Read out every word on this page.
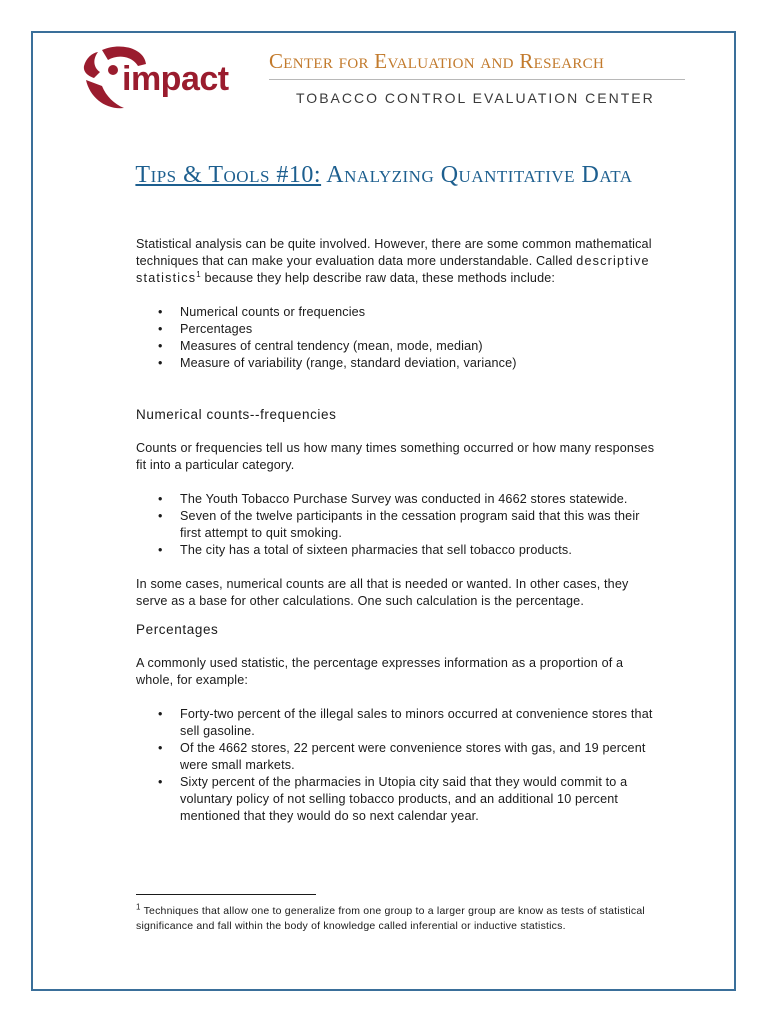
impact Center for Evaluation and Research
TOBACCO CONTROL EVALUATION CENTER
Tips & Tools #10: Analyzing Quantitative Data

Statistical analysis can be quite involved. However, there are some common mathematical techniques that can make your evaluation data more understandable. Called descriptive statistics$^1$ because they help describe raw data, these methods include:

• Numerical counts or frequencies
• Percentages
• Measures of central tendency (mean, mode, median)
• Measure of variability (range, standard deviation, variance)

Numerical counts--frequencies

Counts or frequencies tell us how many times something occurred or how many responses fit into a particular category.

• The Youth Tobacco Purchase Survey was conducted in 4662 stores statewide.
• Seven of the twelve participants in the cessation program said that this was their first attempt to quit smoking.
• The city has a total of sixteen pharmacies that sell tobacco products.

In some cases, numerical counts are all that is needed or wanted. In other cases, they serve as a base for other calculations. One such calculation is the percentage.

Percentages

A commonly used statistic, the percentage expresses information as a proportion of a whole, for example:

• Forty-two percent of the illegal sales to minors occurred at convenience stores that sell gasoline.
• Of the 4662 stores, 22 percent were convenience stores with gas, and 19 percent were small markets.
• Sixty percent of the pharmacies in Utopia city said that they would commit to a voluntary policy of not selling tobacco products, and an additional 10 percent mentioned that they would do so next calendar year.
$^1$ Techniques that allow one to generalize from one group to a larger group are know as tests of statistical significance and fall within the body of knowledge called inferential or inductive statistics.
